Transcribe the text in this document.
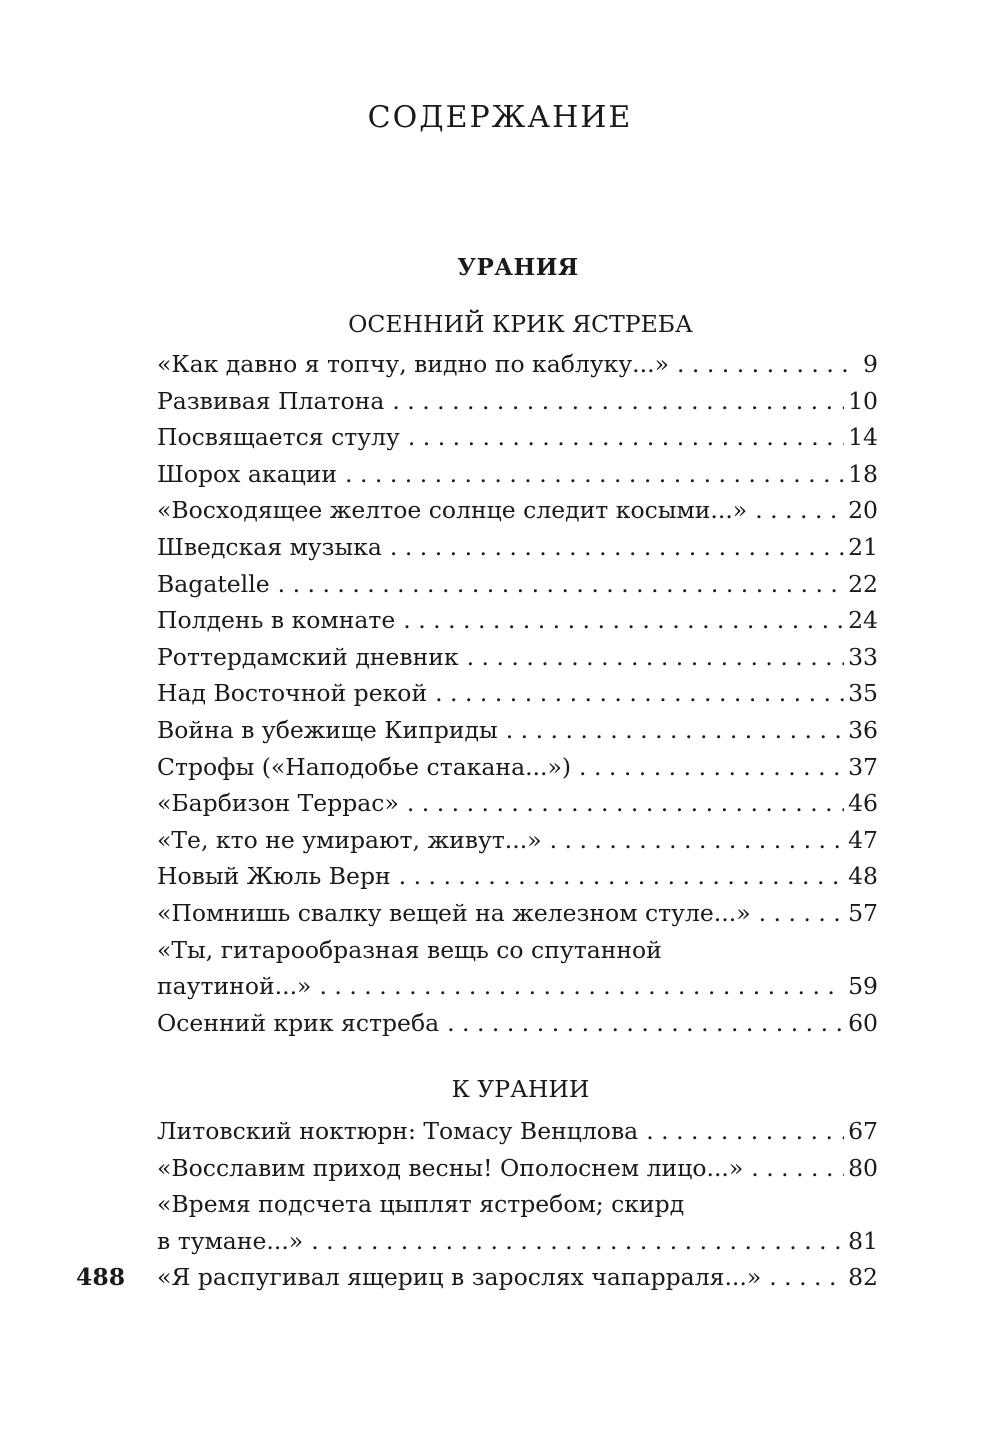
СОДЕРЖАНИЕ
УРАНИЯ
ОСЕННИЙ КРИК ЯСТРЕБА
«Как давно я топчу, видно по каблуку...» . . .	9
Развивая Платона . . .	10
Посвящается стулу . . .	14
Шорох акации . . .	18
«Восходящее желтое солнце следит косыми...» . . .	20
Шведская музыка . . .	21
Bagatelle . . .	22
Полдень в комнате . . .	24
Роттердамский дневник . . .	33
Над Восточной рекой . . .	35
Война в убежище Киприды . . .	36
Строфы («Наподобье стакана...») . . .	37
«Барбизон Террас» . . .	46
«Те, кто не умирают, живут...» . . .	47
Новый Жюль Верн . . .	48
«Помнишь свалку вещей на железном стуле...» . . .	57
«Ты, гитарообразная вещь со спутанной
паутиной...» . . .	59
Осенний крик ястреба . . .	60
К УРАНИИ
Литовский ноктюрн: Томасу Венцлова . . .	67
«Восславим приход весны! Ополоснем лицо...» . . .	80
«Время подсчета цыплят ястребом; скирд
в тумане...» . . .	81
«Я распугивал ящериц в зарослях чапарраля...» . . .	82
488
